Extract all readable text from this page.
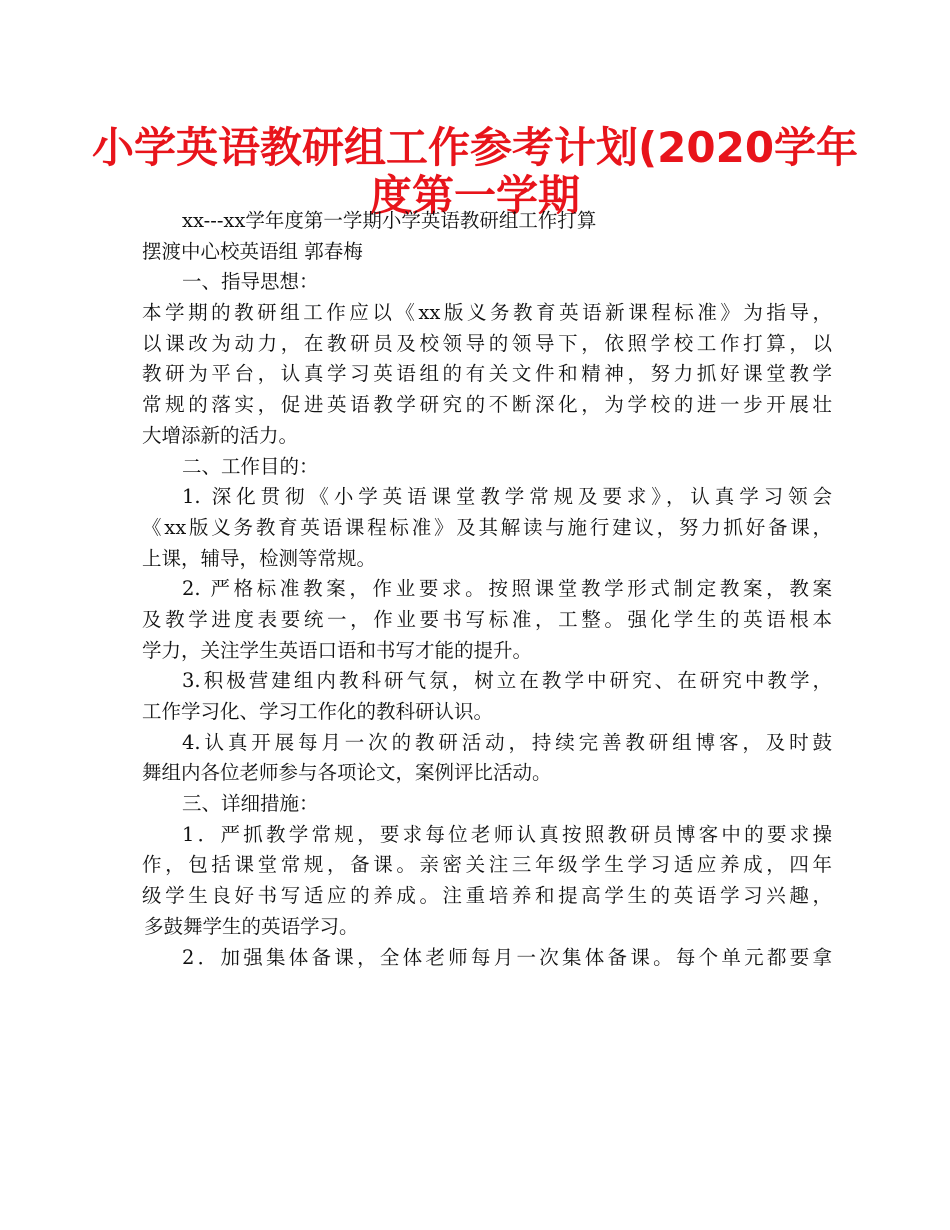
小学英语教研组工作参考计划(2020学年
度第一学期
xx---xx学年度第一学期小学英语教研组工作打算
摆渡中心校英语组 郭春梅
一、指导思想：
本学期的教研组工作应以《xx版义务教育英语新课程标准》为指导，
以课改为动力，在教研员及校领导的领导下，依照学校工作打算，以
教研为平台，认真学习英语组的有关文件和精神，努力抓好课堂教学
常规的落实，促进英语教学研究的不断深化，为学校的进一步开展壮
大增添新的活力。
二、工作目的：
1. 深化贯彻《小学英语课堂教学常规及要求》，认真学习领会
《xx版义务教育英语课程标准》及其解读与施行建议，努力抓好备课，
上课，辅导，检测等常规。
2. 严格标准教案，作业要求。按照课堂教学形式制定教案，教案
及教学进度表要统一，作业要书写标准，工整。强化学生的英语根本
学力，关注学生英语口语和书写才能的提升。
3.积极营建组内教科研气氛，树立在教学中研究、在研究中教学，
工作学习化、学习工作化的教科研认识。
4.认真开展每月一次的教研活动，持续完善教研组博客，及时鼓
舞组内各位老师参与各项论文，案例评比活动。
三、详细措施：
1．严抓教学常规，要求每位老师认真按照教研员博客中的要求操
作，包括课堂常规，备课。亲密关注三年级学生学习适应养成，四年
级学生良好书写适应的养成。注重培养和提高学生的英语学习兴趣，
多鼓舞学生的英语学习。
2．加强集体备课，全体老师每月一次集体备课。每个单元都要拿
